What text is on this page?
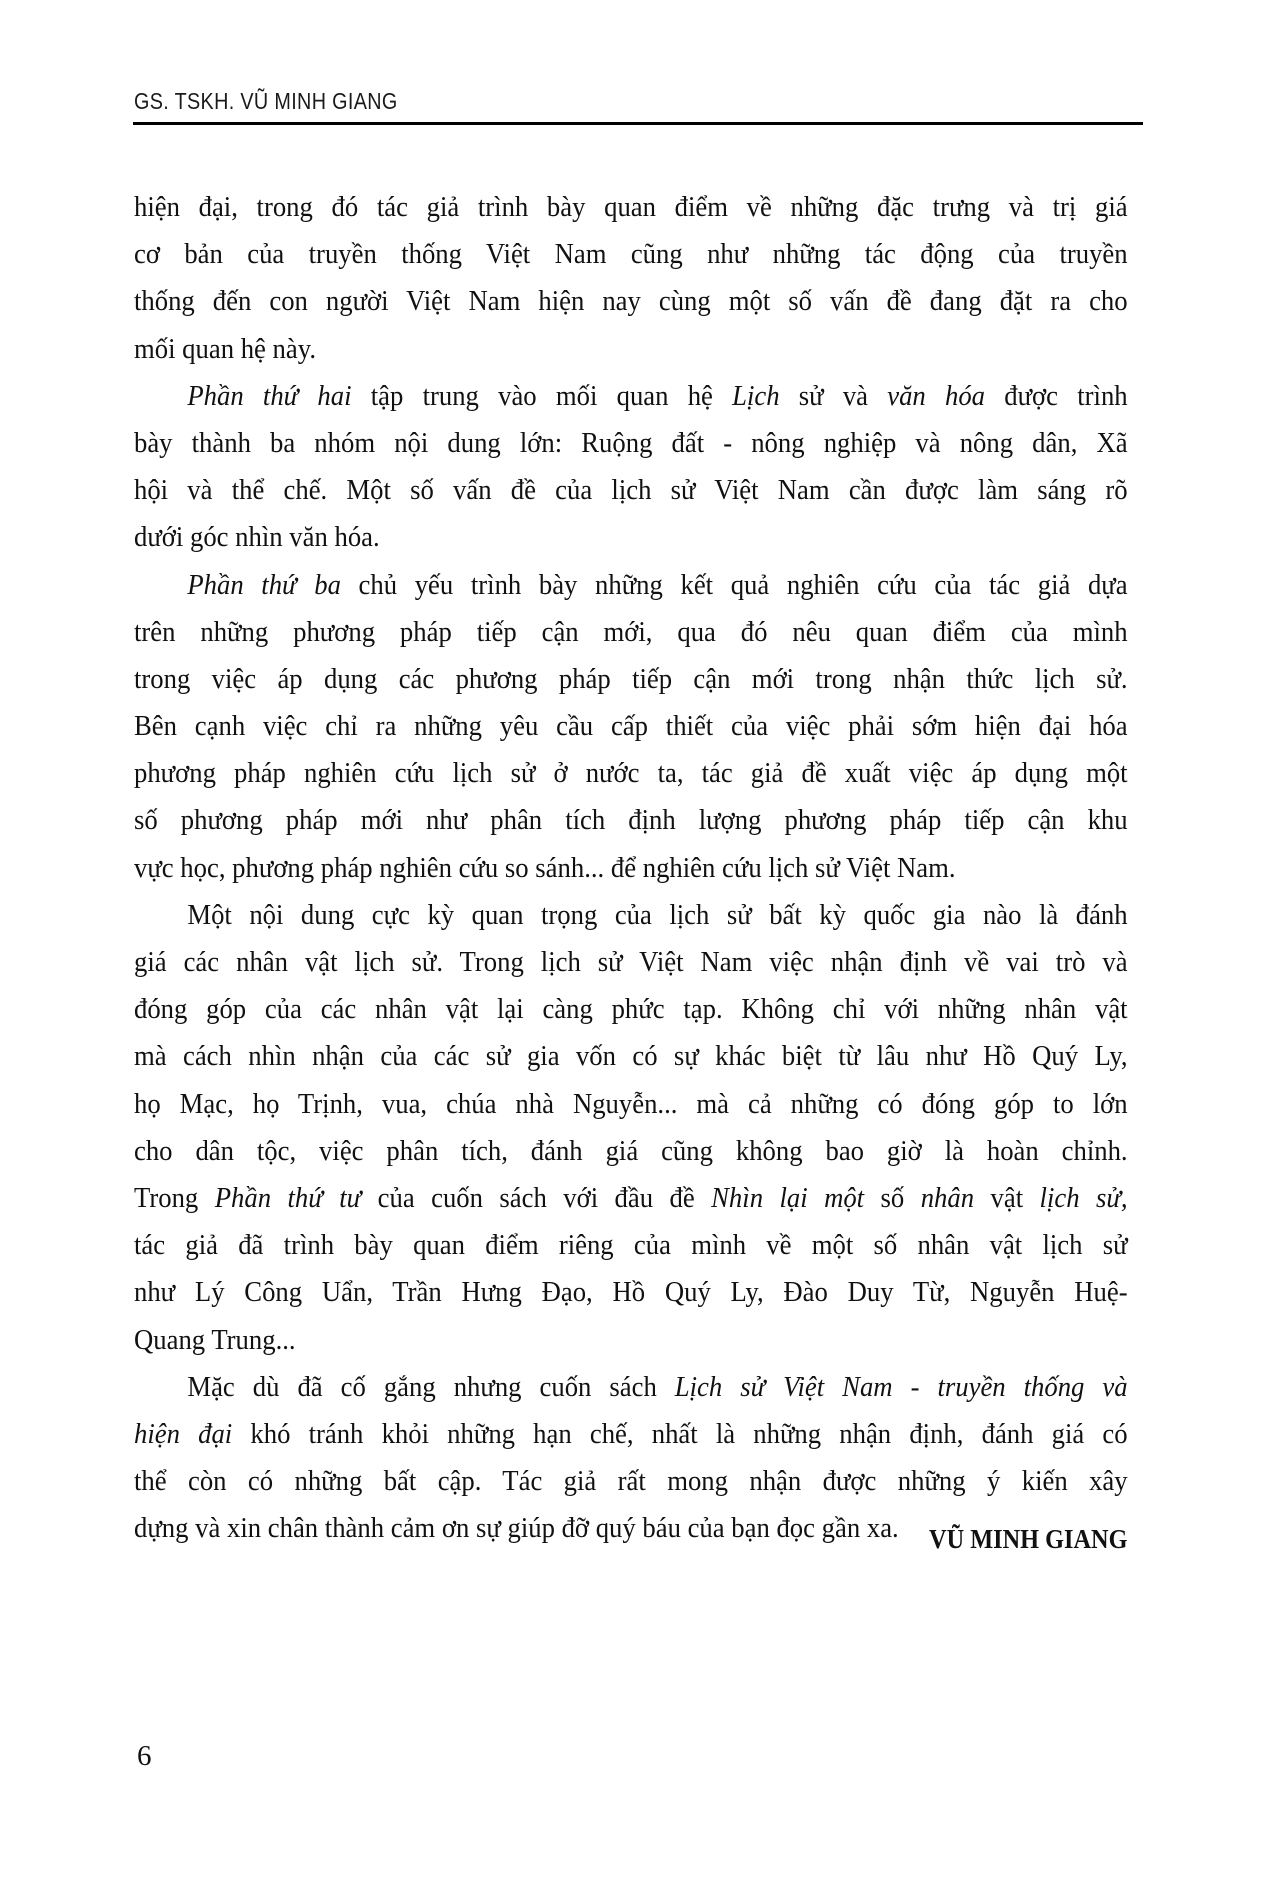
GS. TSKH. VŨ MINH GIANG
hiện đại, trong đó tác giả trình bày quan điểm về những đặc trưng và trị giá
cơ bản của truyền thống Việt Nam cũng như những tác động của truyền
thống đến con người Việt Nam hiện nay cùng một số vấn đề đang đặt ra cho
mối quan hệ này.
Phần thứ hai tập trung vào mối quan hệ Lịch sử và văn hóa được trình
bày thành ba nhóm nội dung lớn: Ruộng đất - nông nghiệp và nông dân, Xã
hội và thể chế. Một số vấn đề của lịch sử Việt Nam cần được làm sáng rõ
dưới góc nhìn văn hóa.
Phần thứ ba chủ yếu trình bày những kết quả nghiên cứu của tác giả dựa
trên những phương pháp tiếp cận mới, qua đó nêu quan điểm của mình
trong việc áp dụng các phương pháp tiếp cận mới trong nhận thức lịch sử.
Bên cạnh việc chỉ ra những yêu cầu cấp thiết của việc phải sớm hiện đại hóa
phương pháp nghiên cứu lịch sử ở nước ta, tác giả đề xuất việc áp dụng một
số phương pháp mới như phân tích định lượng phương pháp tiếp cận khu
vực học, phương pháp nghiên cứu so sánh... để nghiên cứu lịch sử Việt Nam.
Một nội dung cực kỳ quan trọng của lịch sử bất kỳ quốc gia nào là đánh
giá các nhân vật lịch sử. Trong lịch sử Việt Nam việc nhận định về vai trò và
đóng góp của các nhân vật lại càng phức tạp. Không chỉ với những nhân vật
mà cách nhìn nhận của các sử gia vốn có sự khác biệt từ lâu như Hồ Quý Ly,
họ Mạc, họ Trịnh, vua, chúa nhà Nguyễn... mà cả những có đóng góp to lớn
cho dân tộc, việc phân tích, đánh giá cũng không bao giờ là hoàn chỉnh.
Trong Phần thứ tư của cuốn sách với đầu đề Nhìn lại một số nhân vật lịch sử,
tác giả đã trình bày quan điểm riêng của mình về một số nhân vật lịch sử
như Lý Công Uẩn, Trần Hưng Đạo, Hồ Quý Ly, Đào Duy Từ, Nguyễn Huệ-
Quang Trung...
Mặc dù đã cố gắng nhưng cuốn sách Lịch sử Việt Nam - truyền thống và
hiện đại khó tránh khỏi những hạn chế, nhất là những nhận định, đánh giá có
thể còn có những bất cập. Tác giả rất mong nhận được những ý kiến xây
dựng và xin chân thành cảm ơn sự giúp đỡ quý báu của bạn đọc gần xa.	VŨ MINH GIANG
6
